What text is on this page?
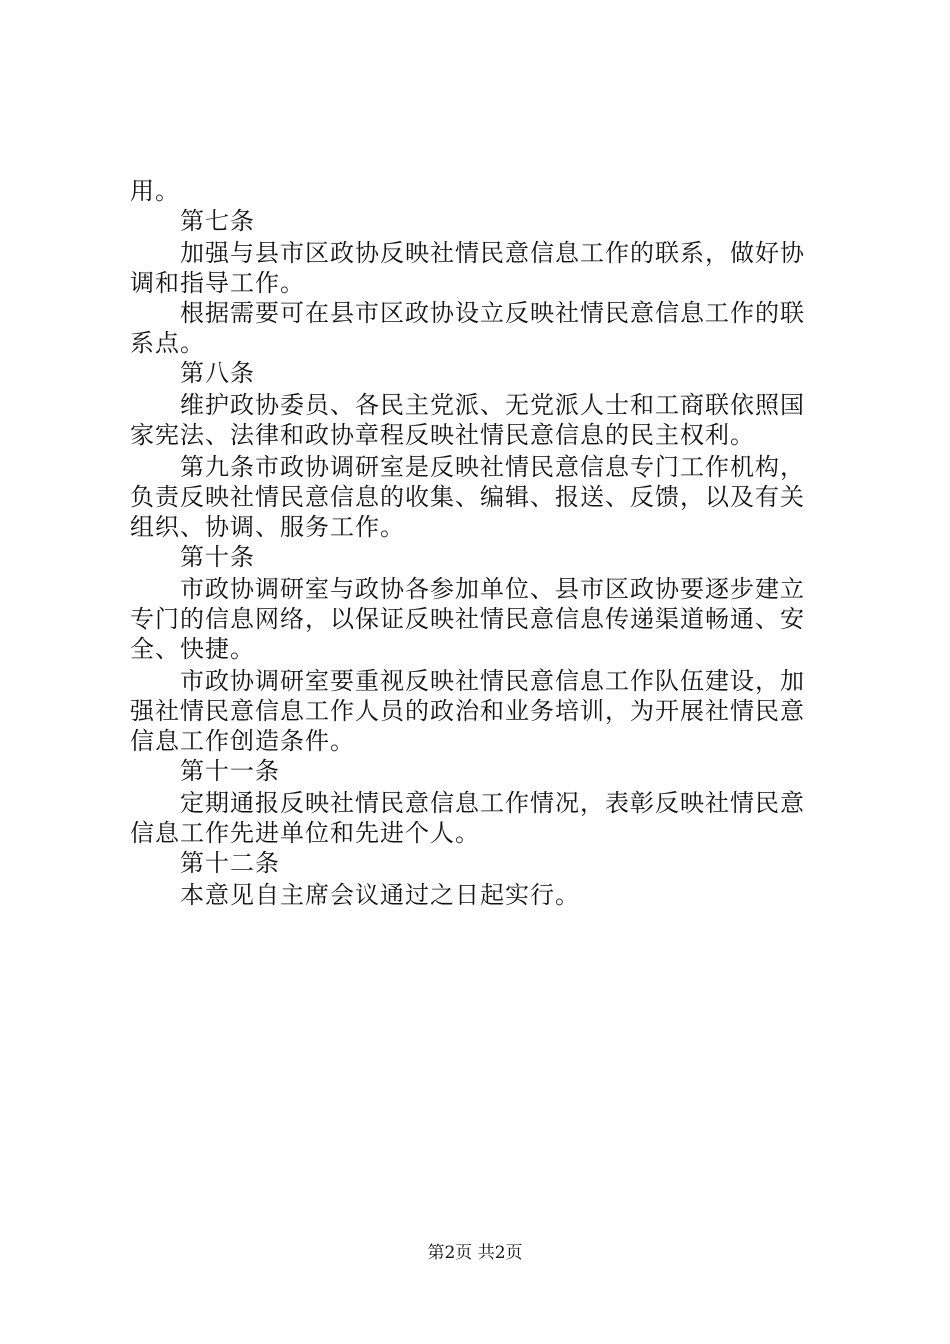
用。
第七条
加强与县市区政协反映社情民意信息工作的联系，做好协
调和指导工作。
根据需要可在县市区政协设立反映社情民意信息工作的联
系点。
第八条
维护政协委员、各民主党派、无党派人士和工商联依照国
家宪法、法律和政协章程反映社情民意信息的民主权利。
第九条市政协调研室是反映社情民意信息专门工作机构，
负责反映社情民意信息的收集、编辑、报送、反馈，以及有关
组织、协调、服务工作。
第十条
市政协调研室与政协各参加单位、县市区政协要逐步建立
专门的信息网络，以保证反映社情民意信息传递渠道畅通、安
全、快捷。
市政协调研室要重视反映社情民意信息工作队伍建设，加
强社情民意信息工作人员的政治和业务培训，为开展社情民意
信息工作创造条件。
第十一条
定期通报反映社情民意信息工作情况，表彰反映社情民意
信息工作先进单位和先进个人。
第十二条
本意见自主席会议通过之日起实行。
第2页 共2页
